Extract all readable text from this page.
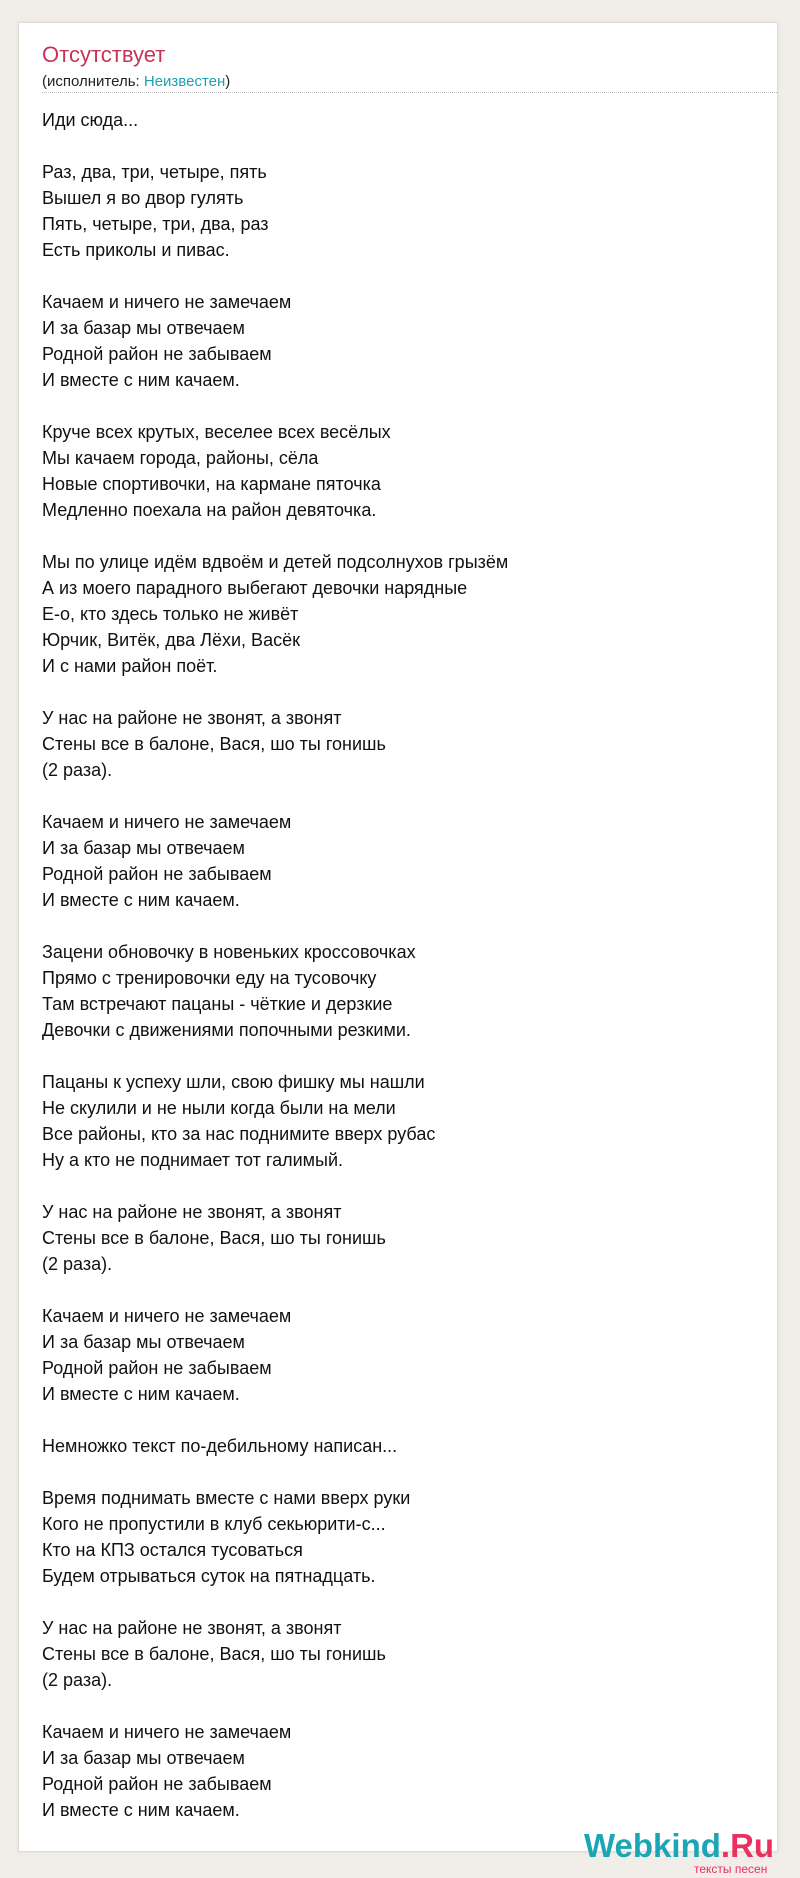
Отсутствует
(исполнитель: Неизвестен)
Иди сюда...
Раз, два, три, четыре, пять
Вышел я во двор гулять
Пять, четыре, три, два, раз
Есть приколы и пивас.
Качаем и ничего не замечаем
И за базар мы отвечаем
Родной район не забываем
И вместе с ним качаем.
Круче всех крутых, веселее всех весёлых
Мы качаем города, районы, сёла
Новые спортивочки, на кармане пяточка
Медленно поехала на район девяточка.
Мы по улице идём вдвоём и детей подсолнухов грызём
А из моего парадного выбегают девочки нарядные
Е-о, кто здесь только не живёт
Юрчик, Витёк, два Лёхи, Васёк
И с нами район поёт.
У нас на районе не звонят, а звонят
Стены все в балоне, Вася, шо ты гонишь
(2 раза).
Качаем и ничего не замечаем
И за базар мы отвечаем
Родной район не забываем
И вместе с ним качаем.
Зацени обновочку в новеньких кроссовочках
Прямо с тренировочки еду на тусовочку
Там встречают пацаны - чёткие и дерзкие
Девочки с движениями попочными резкими.
Пацаны к успеху шли, свою фишку мы нашли
Не скулили и не ныли когда были на мели
Все районы, кто за нас поднимите вверх рубас
Ну а кто не поднимает тот галимый.
У нас на районе не звонят, а звонят
Стены все в балоне, Вася, шо ты гонишь
(2 раза).
Качаем и ничего не замечаем
И за базар мы отвечаем
Родной район не забываем
И вместе с ним качаем.
Немножко текст по-дебильному написан...
Время поднимать вместе с нами вверх руки
Кого не пропустили в клуб секьюрити-с...
Кто на КПЗ остался тусоваться
Будем отрываться суток на пятнадцать.
У нас на районе не звонят, а звонят
Стены все в балоне, Вася, шо ты гонишь
(2 раза).
Качаем и ничего не замечаем
И за базар мы отвечаем
Родной район не забываем
И вместе с ним качаем.
Webkind.Ru
тексты песен
